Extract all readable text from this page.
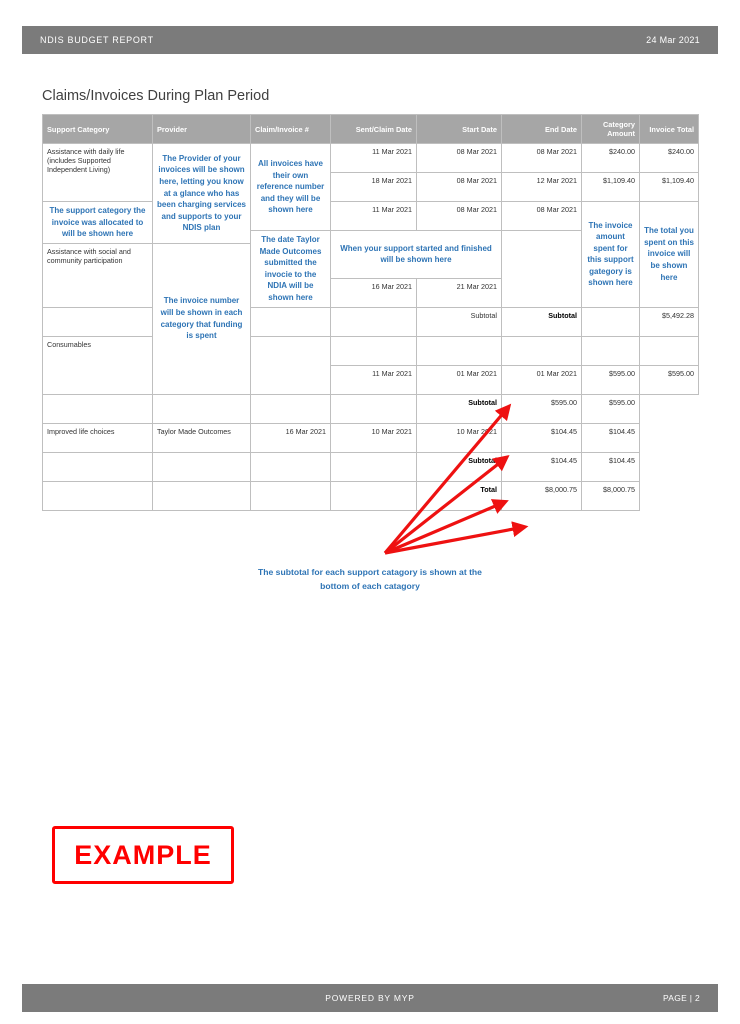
NDIS BUDGET REPORT	24 Mar 2021
Claims/Invoices During Plan Period
Support Category	Provider	Claim/Invoice #	Sent/Claim Date	Start Date	End Date	Category Amount	Invoice Total
Assistance with daily life (includes Supported Independent Living)	The Provider of your invoices will be shown here, letting you know at a glance who has been charging services and supports to your NDIS plan	All invoices have their own reference number and they will be shown here	11 Mar 2021	08 Mar 2021	08 Mar 2021	$240.00	$240.00
			18 Mar 2021	08 Mar 2021	12 Mar 2021	$1,109.40	$1,109.40
The support category the invoice was allocated to will be shown here			11 Mar 2021	08 Mar 2021	08 Mar 2021	The invoice amount spent for this support gategory is shown here	The total you spent on this invoice will be shown here
		The date Taylor Made Outcomes submitted the invocie to the NDIA will be shown here	When your support started and finished will be shown here				
Assistance with social and community participation	The invoice number will be shown in each category that funding is spent						
			16 Mar 2021	21 Mar 2021			
				Subtotal	Subtotal		$5,492.28
Consumables							
			11 Mar 2021	01 Mar 2021	01 Mar 2021	$595.00	$595.00
				Subtotal	$595.00	$595.00	
Improved life choices	Taylor Made Outcomes	16 Mar 2021	10 Mar 2021	10 Mar 2021	$104.45	$104.45	
				Subtotal	$104.45	$104.45	
				Total	$8,000.75	$8,000.75	
The subtotal for each support catagory is shown at the bottom of each catagory
EXAMPLE
POWERED BY MYP	PAGE | 2
